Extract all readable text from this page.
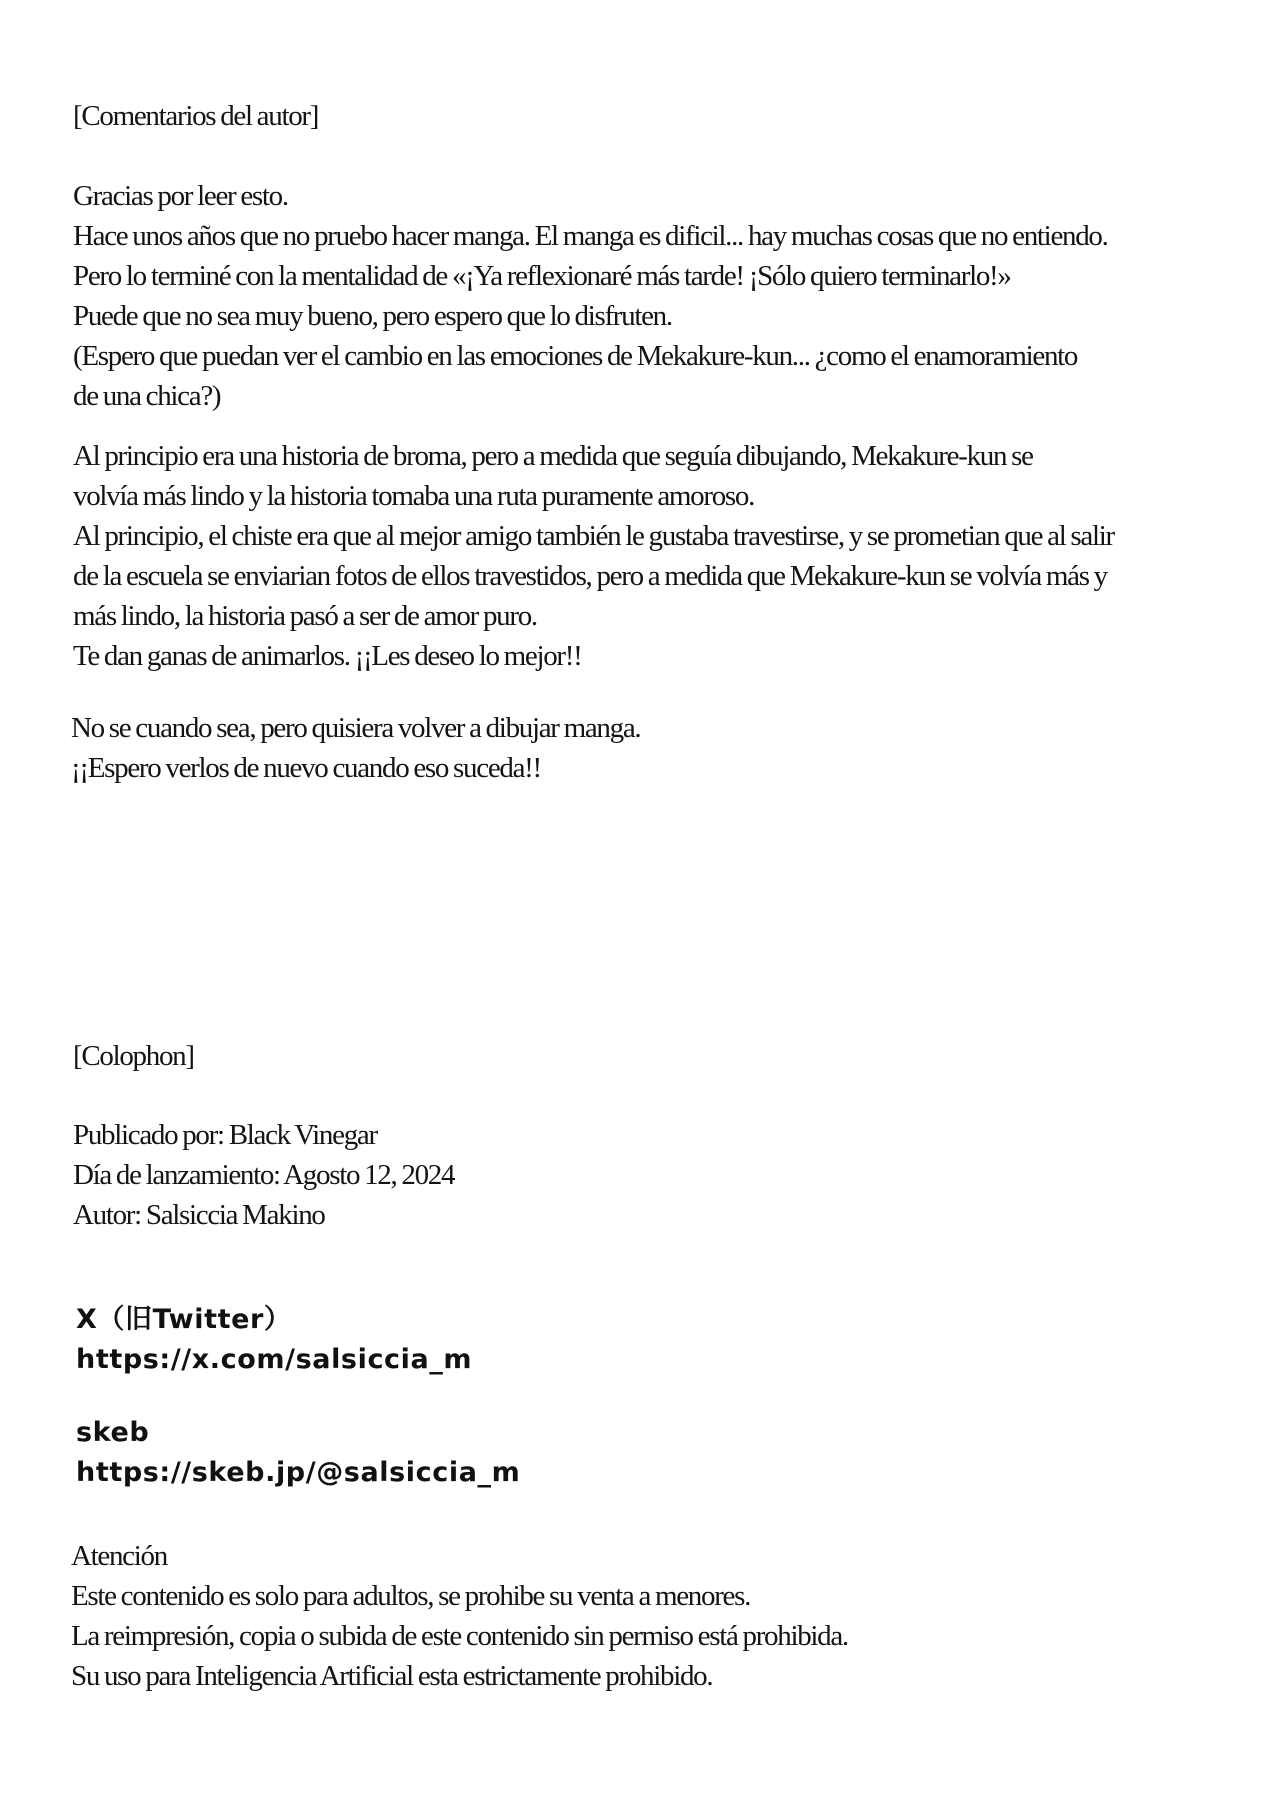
[Comentarios del autor]
Gracias por leer esto.
Hace unos años que no pruebo hacer manga. El manga es dificil... hay muchas cosas que no entiendo.
Pero lo terminé con la mentalidad de «¡Ya reflexionaré más tarde! ¡Sólo quiero terminarlo!»
Puede que no sea muy bueno, pero espero que lo disfruten.
(Espero que puedan ver el cambio en las emociones de Mekakure-kun... ¿como el enamoramiento
de una chica?)
Al principio era una historia de broma, pero a medida que seguía dibujando, Mekakure-kun se
volvía más lindo y la historia tomaba una ruta puramente amoroso.
Al principio, el chiste era que al mejor amigo también le gustaba travestirse, y se prometian que al salir
de la escuela se enviarian fotos de ellos travestidos, pero a medida que Mekakure-kun se volvía más y
más lindo, la historia pasó a ser de amor puro.
Te dan ganas de animarlos. ¡¡Les deseo lo mejor!!
No se cuando sea, pero quisiera volver a dibujar manga.
¡¡Espero verlos de nuevo cuando eso suceda!!
[Colophon]
Publicado por: Black Vinegar
Día de lanzamiento: Agosto 12, 2024
Autor: Salsiccia Makino
X（旧Twitter）
https://x.com/salsiccia_m
skeb
https://skeb.jp/@salsiccia_m
Atención
Este contenido es solo para adultos, se prohibe su venta a menores.
La reimpresión, copia o subida de este contenido sin permiso está prohibida.
Su uso para Inteligencia Artificial esta estrictamente prohibido.
